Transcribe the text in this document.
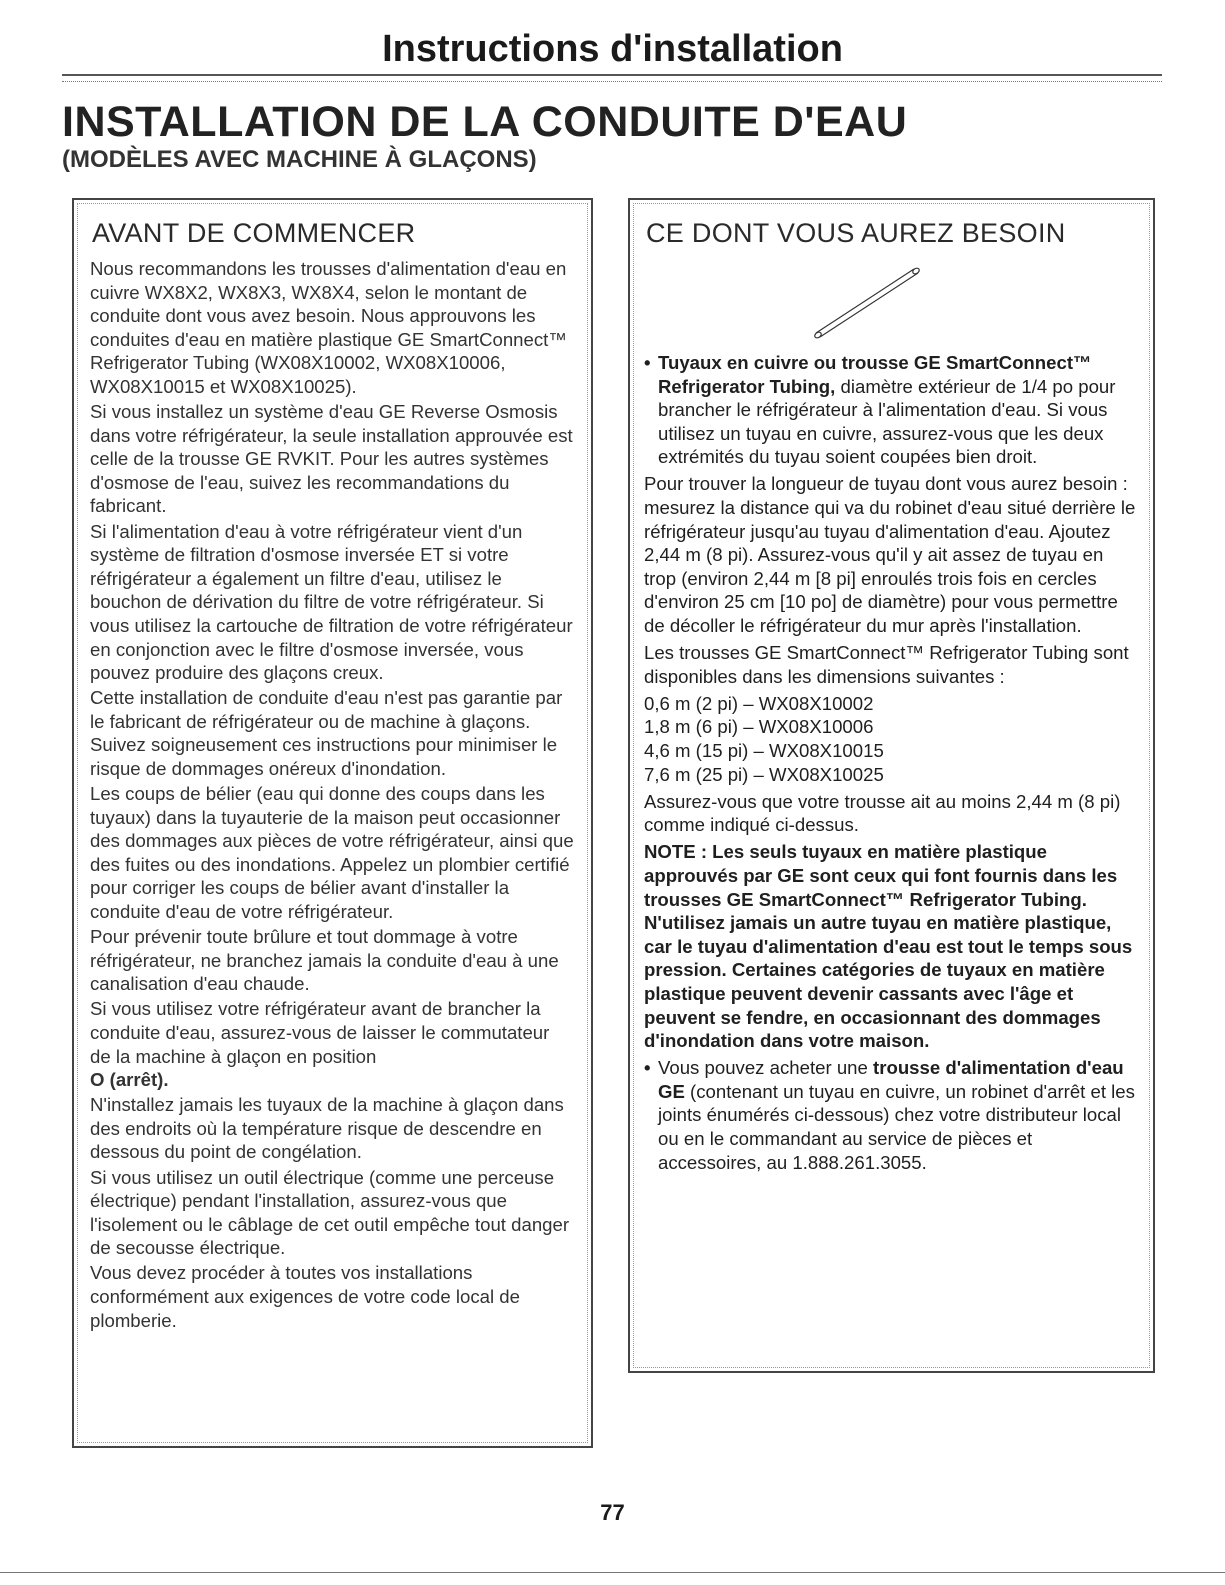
Instructions d'installation
INSTALLATION DE LA CONDUITE D'EAU
(MODÈLES AVEC MACHINE À GLAÇONS)
AVANT DE COMMENCER

Nous recommandons les trousses d'alimentation d'eau en cuivre WX8X2, WX8X3, WX8X4, selon le montant de conduite dont vous avez besoin. Nous approuvons les conduites d'eau en matière plastique GE SmartConnect™ Refrigerator Tubing (WX08X10002, WX08X10006, WX08X10015 et WX08X10025).

Si vous installez un système d'eau GE Reverse Osmosis dans votre réfrigérateur, la seule installation approuvée est celle de la trousse GE RVKIT. Pour les autres systèmes d'osmose de l'eau, suivez les recommandations du fabricant.

Si l'alimentation d'eau à votre réfrigérateur vient d'un système de filtration d'osmose inversée ET si votre réfrigérateur a également un filtre d'eau, utilisez le bouchon de dérivation du filtre de votre réfrigérateur. Si vous utilisez la cartouche de filtration de votre réfrigérateur en conjonction avec le filtre d'osmose inversée, vous pouvez produire des glaçons creux.

Cette installation de conduite d'eau n'est pas garantie par le fabricant de réfrigérateur ou de machine à glaçons. Suivez soigneusement ces instructions pour minimiser le risque de dommages onéreux d'inondation.

Les coups de bélier (eau qui donne des coups dans les tuyaux) dans la tuyauterie de la maison peut occasionner des dommages aux pièces de votre réfrigérateur, ainsi que des fuites ou des inondations. Appelez un plombier certifié pour corriger les coups de bélier avant d'installer la conduite d'eau de votre réfrigérateur.

Pour prévenir toute brûlure et tout dommage à votre réfrigérateur, ne branchez jamais la conduite d'eau à une canalisation d'eau chaude.

Si vous utilisez votre réfrigérateur avant de brancher la conduite d'eau, assurez-vous de laisser le commutateur de la machine à glaçon en position
O (arrêt).

N'installez jamais les tuyaux de la machine à glaçon dans des endroits où la température risque de descendre en dessous du point de congélation.

Si vous utilisez un outil électrique (comme une perceuse électrique) pendant l'installation, assurez-vous que l'isolement ou le câblage de cet outil empêche tout danger de secousse électrique.

Vous devez procéder à toutes vos installations conformément aux exigences de votre code local de plomberie.

CE DONT VOUS AUREZ BESOIN

• Tuyaux en cuivre ou trousse GE SmartConnect™ Refrigerator Tubing, diamètre extérieur de 1/4 po pour brancher le réfrigérateur à l'alimentation d'eau. Si vous utilisez un tuyau en cuivre, assurez-vous que les deux extrémités du tuyau soient coupées bien droit.

Pour trouver la longueur de tuyau dont vous aurez besoin : mesurez la distance qui va du robinet d'eau situé derrière le réfrigérateur jusqu'au tuyau d'alimentation d'eau. Ajoutez 2,44 m (8 pi). Assurez-vous qu'il y ait assez de tuyau en trop (environ 2,44 m [8 pi] enroulés trois fois en cercles d'environ 25 cm [10 po] de diamètre) pour vous permettre de décoller le réfrigérateur du mur après l'installation.

Les trousses GE SmartConnect™ Refrigerator Tubing sont disponibles dans les dimensions suivantes :

0,6 m (2 pi) – WX08X10002

1,8 m (6 pi) – WX08X10006

4,6 m (15 pi) – WX08X10015

7,6 m (25 pi) – WX08X10025

Assurez-vous que votre trousse ait au moins 2,44 m (8 pi) comme indiqué ci-dessus.

NOTE : Les seuls tuyaux en matière plastique approuvés par GE sont ceux qui font fournis dans les trousses GE SmartConnect™ Refrigerator Tubing. N'utilisez jamais un autre tuyau en matière plastique, car le tuyau d'alimentation d'eau est tout le temps sous pression. Certaines catégories de tuyaux en matière plastique peuvent devenir cassants avec l'âge et peuvent se fendre, en occasionnant des dommages d'inondation dans votre maison.

• Vous pouvez acheter une trousse d'alimentation d'eau GE (contenant un tuyau en cuivre, un robinet d'arrêt et les joints énumérés ci-dessous) chez votre distributeur local ou en le commandant au service de pièces et accessoires, au 1.888.261.3055.

77
